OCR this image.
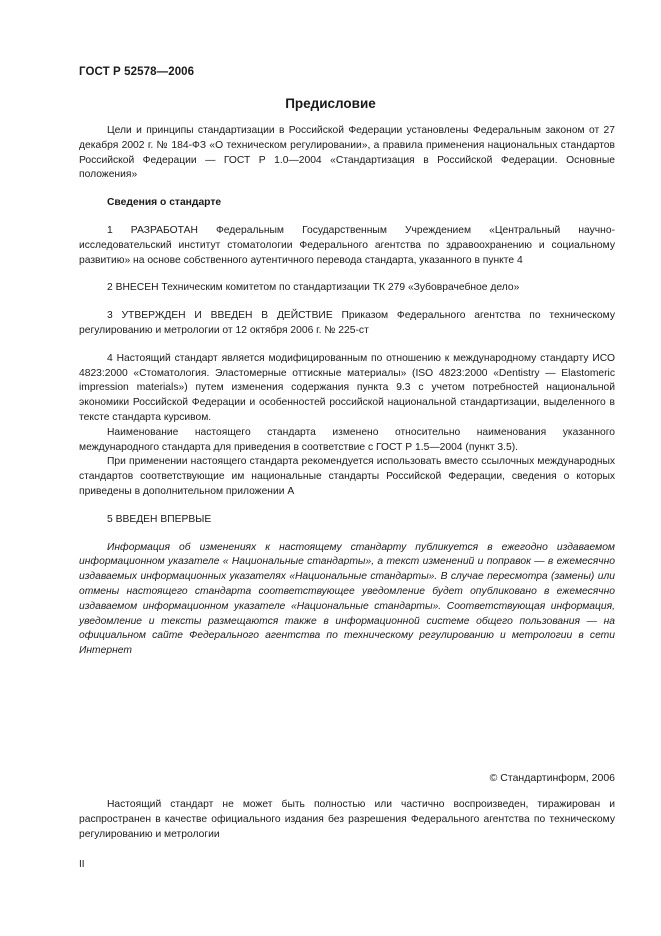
ГОСТ Р 52578—2006
Предисловие

Цели и принципы стандартизации в Российской Федерации установлены Федеральным законом от 27 декабря 2002 г. № 184-ФЗ «О техническом регулировании», а правила применения национальных стандартов Российской Федерации — ГОСТ Р 1.0—2004 «Стандартизация в Российской Федерации. Основные положения»

Сведения о стандарте

1 РАЗРАБОТАН Федеральным Государственным Учреждением «Центральный научно-исследовательский институт стоматологии Федерального агентства по здравоохранению и социальному развитию» на основе собственного аутентичного перевода стандарта, указанного в пункте 4

2 ВНЕСЕН Техническим комитетом по стандартизации ТК 279 «Зубоврачебное дело»

3 УТВЕРЖДЕН И ВВЕДЕН В ДЕЙСТВИЕ Приказом Федерального агентства по техническому регулированию и метрологии от 12 октября 2006 г. № 225-ст

4 Настоящий стандарт является модифицированным по отношению к международному стандарту ИСО 4823:2000 «Стоматология. Эластомерные оттискные материалы» (ISO 4823:2000 «Dentistry — Elastomeric impression materials») путем изменения содержания пункта 9.3 с учетом потребностей национальной экономики Российской Федерации и особенностей российской национальной стандартизации, выделенного в тексте стандарта курсивом.

Наименование настоящего стандарта изменено относительно наименования указанного международного стандарта для приведения в соответствие с ГОСТ Р 1.5—2004 (пункт 3.5).

При применении настоящего стандарта рекомендуется использовать вместо ссылочных международных стандартов соответствующие им национальные стандарты Российской Федерации, сведения о которых приведены в дополнительном приложении А

5 ВВЕДЕН ВПЕРВЫЕ

Информация об изменениях к настоящему стандарту публикуется в ежегодно издаваемом информационном указателе « Национальные стандарты», а текст изменений и поправок — в ежемесячно издаваемых информационных указателях «Национальные стандарты». В случае пересмотра (замены) или отмены настоящего стандарта соответствующее уведомление будет опубликовано в ежемесячно издаваемом информационном указателе «Национальные стандарты». Соответствующая информация, уведомление и тексты размещаются также в информационной системе общего пользования — на официальном сайте Федерального агентства по техническому регулированию и метрологии в сети Интернет

© Стандартинформ, 2006

Настоящий стандарт не может быть полностью или частично воспроизведен, тиражирован и распространен в качестве официального издания без разрешения Федерального агентства по техническому регулированию и метрологии

II
